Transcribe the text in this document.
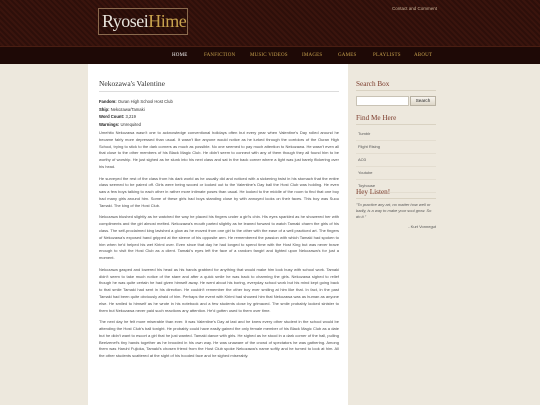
RyoseiHime
Contact and Comment
HOME	FANFICTION	MUSIC VIDEOS	IMAGES	GAMES	PLAYLISTS	ABOUT
Nekozawa's Valentine
Fandom: Ouran High School Host Club
Ship: Nekozawa/Tamaki
Word Count: 3,219
Warnings: Unrequited

Umehito Nekozawa wasn't one to acknowledge conventional holidays often but every year when Valentine's Day rolled around he became fairly more depressed than usual. It wasn't like anyone would notice as he lurked through the corridors of the Ouran High School, trying to stick to the dark corners as much as possible. No one seemed to pay much attention to Nekozawa. He wasn't even all that close to the other members of his Black Magic Club. He didn't seem to connect with any of them though they all found him to be worthy of worship. He just sighed as he slunk into his next class and sat in the back corner where a light was just barely flickering over his head.

He surveyed the rest of the class from his dark world as he usually did and noticed with a sickening twist in his stomach that the entire class seemed to be paired off. Girls were being wooed or looked out to the Valentine's Day ball the Host Club was holding. He even saw a few boys talking to each other in rather more intimate poses than usual. He looked to the middle of the room to find that one boy had many girls around him. Some of these girls had boys standing close by with annoyed looks on their faces. This boy was Suou Tamaki. The king of the Host Club.

Nekozawa blushed slightly as he watched the way he placed his fingers under a girl's chin. His eyes sparkled as he showered her with compliments and the girl almost melted. Nekozawa's mouth parted slightly as he leaned forward to watch Tamaki charm the girls of his class. The self-proclaimed king lavished a glow as he moved from one girl to the other with the ease of a well practiced art. The fingers of Nekozawa's exposed hand gripped at the sleeve of his opposite arm. He remembered the passion with which Tamaki had spoken to him when he'd helped his wet Kirimi over. Even since that day he had longed to spend time with the Host King but was never brave enough to visit the Host Club as a client. Tamaki's eyes left the face of a random fangirl and lighted upon Nekozawa's for just a moment.

Nekozawa gasped and lowered his head as his hands grabbed for anything that would make him look busy with school work. Tamaki didn't seem to take much notice of the stare and after a quick smile he was back to charming the girls. Nekozawa sighed to relief though he was quite certain he had given himself away. He went about his boring, everyday school work but his mind kept going back to that smile Tamaki had sent in his direction. He couldn't remember the other boy ever smiling at him like that. In fact, in the past Tamaki had been quite obviously afraid of him. Perhaps the event with Kirimi had showed him that Nekozawa was as human as anyone else. He smiled to himself as he wrote in his notebook and a few students close by grimaced. The smile probably looked sinister to them but Nekozawa never paid such reactions any attention. He'd gotten used to them over time.

The next day he felt more miserable than ever. It was Valentine's Day at last and he knew every other student in the school would be attending the Host Club's ball tonight. He probably could have easily gained the only female member of his Black Magic Club as a date but he didn't want to escort a girl that he just wanted. Tamaki dance with girls. He sighed as he stood in a dark corner of the hall, pulling Beelzenef's tiny hands together as he brooded in his own way. He was unaware of the crowd of spectators he was gathering. Among them was Haruhi Fujioka, Tamaki's chosen friend from the Host Club spoke Nekozawa's name softly and he turned to look at him. All the other students scattered at the sight of his hooded face and he sighed miserably.

Search Box
Search
Find Me Here
Tumblr
Flight Rising
AO3
Youtube
Toyhouse
Hey Listen!
"To practice any art, no matter how well or badly, is a way to make your soul grow. So do it."
- Kurt Vonnegut
